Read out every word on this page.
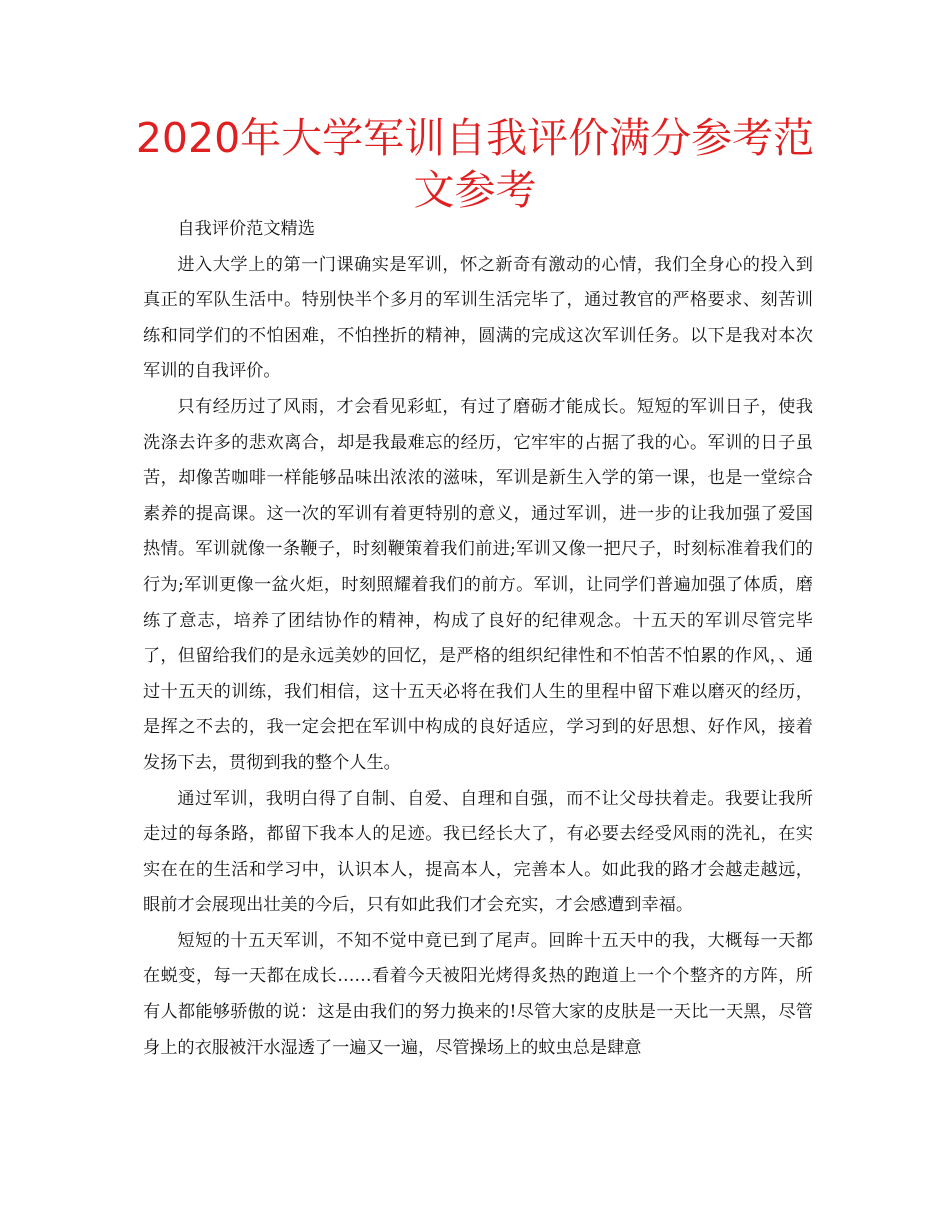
2020年大学军训自我评价满分参考范文参考

自我评价范文精选

进入大学上的第一门课确实是军训，怀之新奇有激动的心情，我们全身心的投入到真正的军队生活中。特别快半个多月的军训生活完毕了，通过教官的严格要求、刻苦训练和同学们的不怕困难，不怕挫折的精神，圆满的完成这次军训任务。以下是我对本次军训的自我评价。

只有经历过了风雨，才会看见彩虹，有过了磨砺才能成长。短短的军训日子，使我洗涤去许多的悲欢离合，却是我最难忘的经历，它牢牢的占据了我的心。军训的日子虽苦，却像苦咖啡一样能够品味出浓浓的滋味，军训是新生入学的第一课，也是一堂综合素养的提高课。这一次的军训有着更特别的意义，通过军训，进一步的让我加强了爱国热情。军训就像一条鞭子，时刻鞭策着我们前进;军训又像一把尺子，时刻标准着我们的行为;军训更像一盆火炬，时刻照耀着我们的前方。军训，让同学们普遍加强了体质，磨练了意志，培养了团结协作的精神，构成了良好的纪律观念。十五天的军训尽管完毕了，但留给我们的是永远美妙的回忆，是严格的组织纪律性和不怕苦不怕累的作风，、通过十五天的训练，我们相信，这十五天必将在我们人生的里程中留下难以磨灭的经历，是挥之不去的，我一定会把在军训中构成的良好适应，学习到的好思想、好作风，接着发扬下去，贯彻到我的整个人生。

通过军训，我明白得了自制、自爱、自理和自强，而不让父母扶着走。我要让我所走过的每条路，都留下我本人的足迹。我已经长大了，有必要去经受风雨的洗礼，在实实在在的生活和学习中，认识本人，提高本人，完善本人。如此我的路才会越走越远，眼前才会展现出壮美的今后，只有如此我们才会充实，才会感遭到幸福。

短短的十五天军训，不知不觉中竟已到了尾声。回眸十五天中的我，大概每一天都在蜕变，每一天都在成长……看着今天被阳光烤得炙热的跑道上一个个整齐的方阵，所有人都能够骄傲的说：这是由我们的努力换来的!尽管大家的皮肤是一天比一天黑，尽管身上的衣服被汗水湿透了一遍又一遍，尽管操场上的蚊虫总是肆意
